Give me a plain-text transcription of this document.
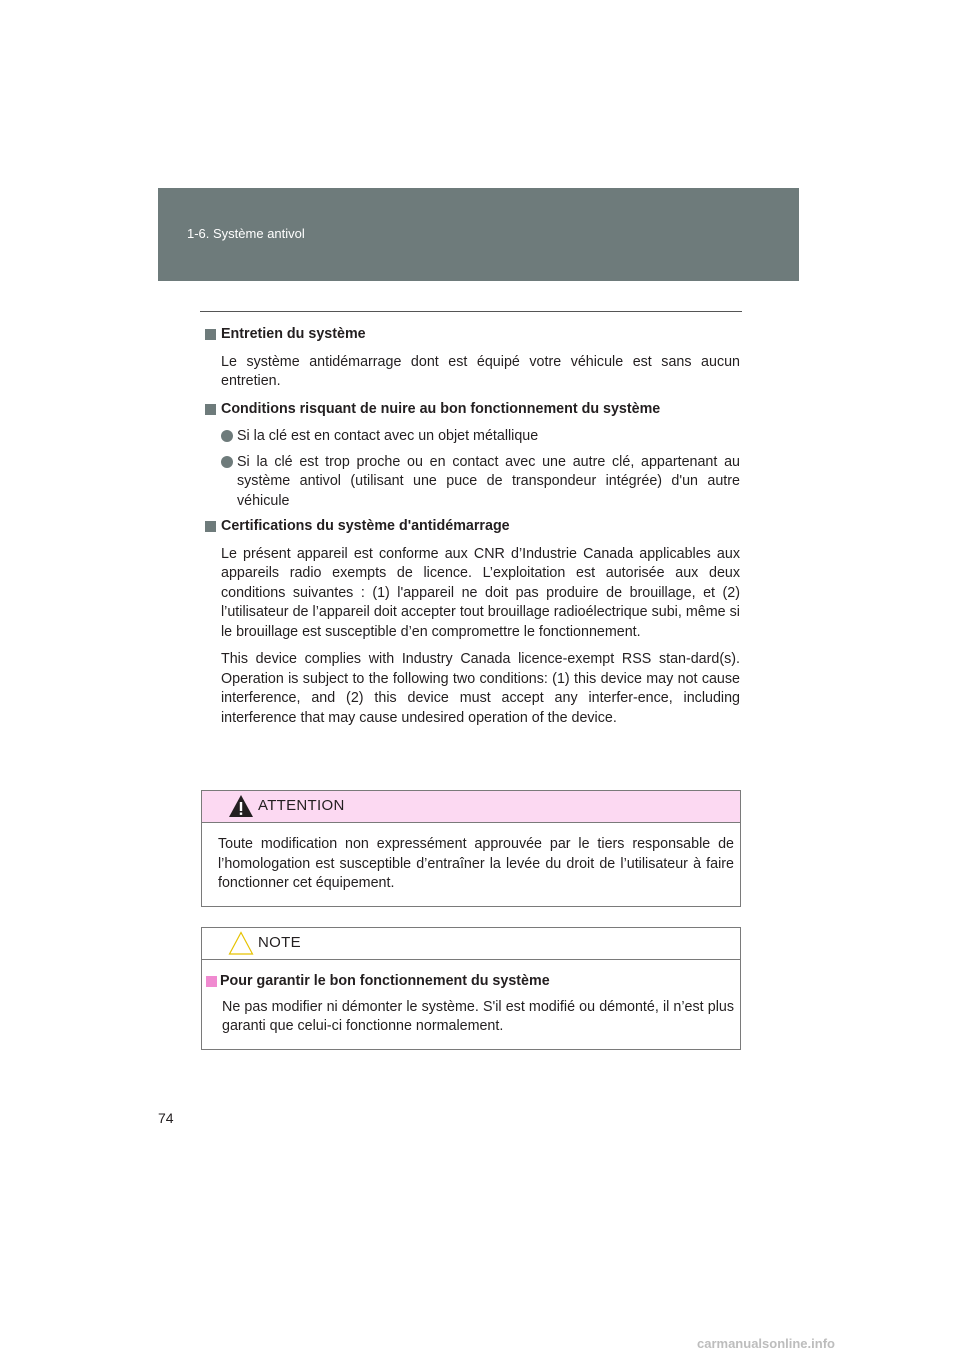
1-6. Système antivol
Entretien du système

Le système antidémarrage dont est équipé votre véhicule est sans aucun entretien.

Conditions risquant de nuire au bon fonctionnement du système
Si la clé est en contact avec un objet métallique
Si la clé est trop proche ou en contact avec une autre clé, appartenant au système antivol (utilisant une puce de transpondeur intégrée) d'un autre véhicule
Certifications du système d'antidémarrage

Le présent appareil est conforme aux CNR d’Industrie Canada applicables aux appareils radio exempts de licence. L’exploitation est autorisée aux deux conditions suivantes : (1) l'appareil ne doit pas produire de brouillage, et (2) l’utilisateur de l’appareil doit accepter tout brouillage radioélectrique subi, même si le brouillage est susceptible d’en compromettre le fonctionnement.

This device complies with Industry Canada licence-exempt RSS stan-dard(s). Operation is subject to the following two conditions: (1) this device may not cause interference, and (2) this device must accept any interfer-ence, including interference that may cause undesired operation of the device.

ATTENTION
Toute modification non expressément approuvée par le tiers responsable de l’homologation est susceptible d’entraîner la levée du droit de l’utilisateur à faire fonctionner cet équipement.
NOTE
Pour garantir le bon fonctionnement du système

Ne pas modifier ni démonter le système. S'il est modifié ou démonté, il n’est plus garanti que celui-ci fonctionne normalement.

74
carmanualsonline.info
